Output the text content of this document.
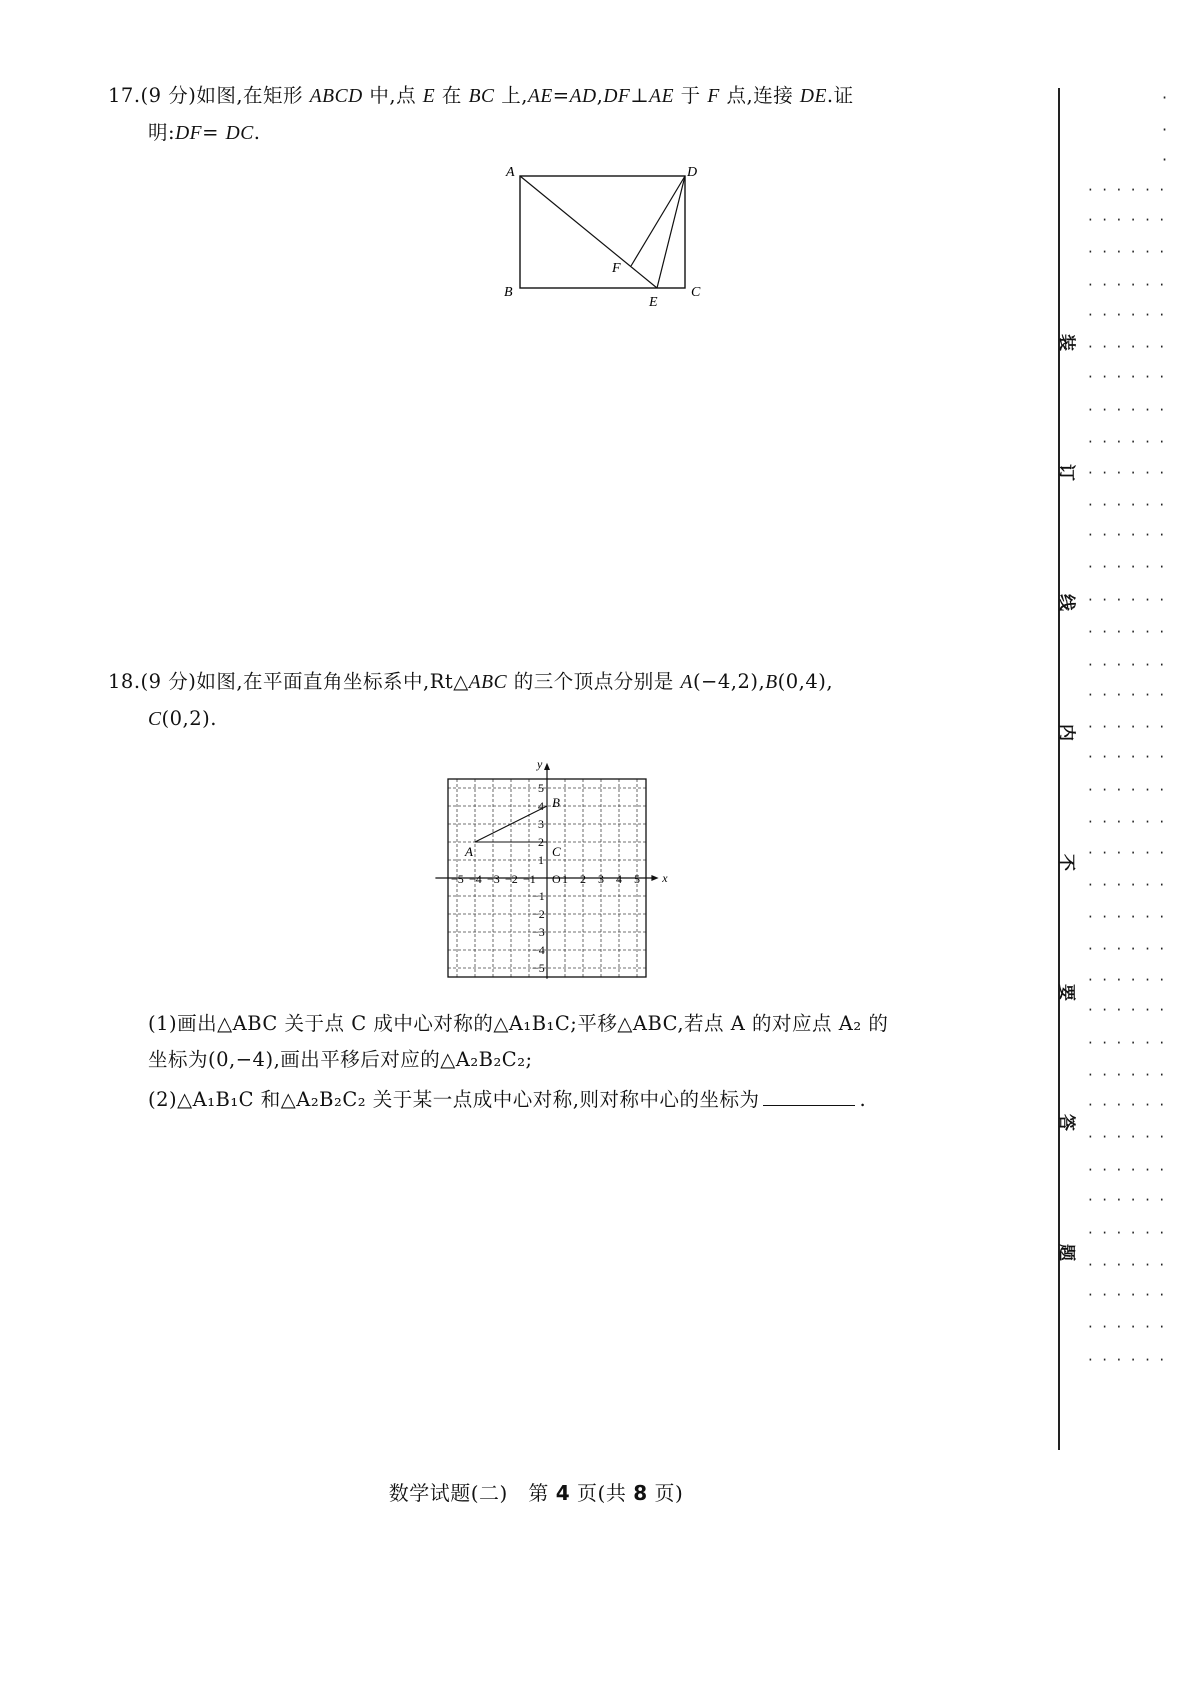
17.(9 分)如图,在矩形 ABCD 中,点 E 在 BC 上,AE=AD,DF⊥AE 于 F 点,连接 DE.证
明:DF= DC.
A	D
B	C
E
F
18.(9 分)如图,在平面直角坐标系中,Rt△ABC 的三个顶点分别是 A(−4,2),B(0,4),
C(0,2).
x
y
−5 −4 −3 −2 −1 O 1 2 3 4 5
5
4
3
2
1
−1
−2
−3
−4
−5
A
B
C
(1)画出△ABC 关于点 C 成中心对称的△A₁B₁C;平移△ABC,若点 A 的对应点 A₂ 的
坐标为(0,−4),画出平移后对应的△A₂B₂C₂;
(2)△A₁B₁C 和△A₂B₂C₂ 关于某一点成中心对称,则对称中心的坐标为	.
······
······
······
······
······
······
······
······
······
······
······
······
······
······
······
······
······
······
······
······
······
······
······
······
······
······
······
······
······
······
······
······
······
······
······
······
······
······
·
·
·
装
订
线
内
不
要
答
题
数学试题(二) 第 4 页(共 8 页)
